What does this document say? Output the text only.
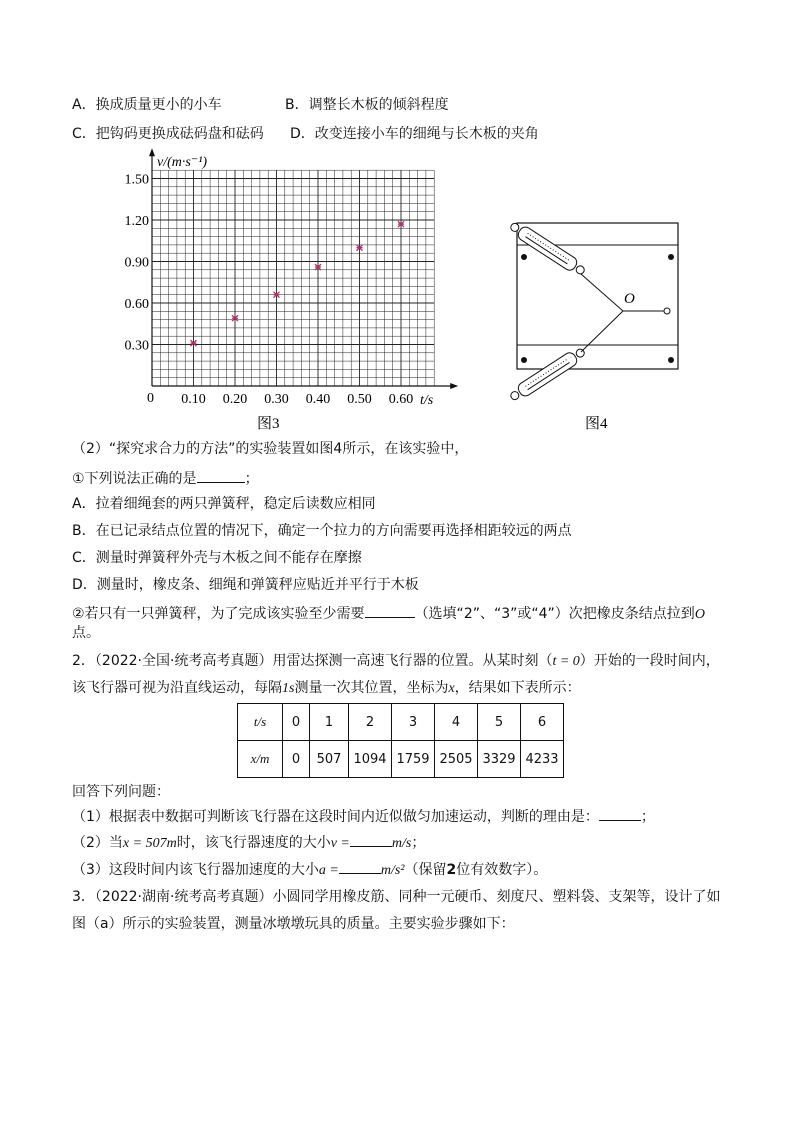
A．换成质量更小的小车	B．调整长木板的倾斜程度
C．把钩码更换成砝码盘和砝码 D．改变连接小车的细绳与长木板的夹角
0.10 0.20 0.30 0.40 0.50 0.60
0.30
0.60
0.90
1.20
1.50
v/(m·s⁻¹)
t/s
0
图3
O
图4
（2）“探究求合力的方法”的实验装置如图4所示，在该实验中，
①下列说法正确的是	；
A．拉着细绳套的两只弹簧秤，稳定后读数应相同
B．在已记录结点位置的情况下，确定一个拉力的方向需要再选择相距较远的两点
C．测量时弹簧秤外壳与木板之间不能存在摩擦
D．测量时，橡皮条、细绳和弹簧秤应贴近并平行于木板
②若只有一只弹簧秤，为了完成该实验至少需要	（选填“2”、“3”或“4”）次把橡皮条结点拉到O
点。
2．（2022·全国·统考高考真题）用雷达探测一高速飞行器的位置。从某时刻（t = 0）开始的一段时间内，
该飞行器可视为沿直线运动，每隔1s测量一次其位置，坐标为x，结果如下表所示：
t/s	0	1	2	3	4	5	6
x/m	0	507	1094	1759	2505	3329	4233
回答下列问题：
（1）根据表中数据可判断该飞行器在这段时间内近似做匀加速运动，判断的理由是：	；
（2）当x = 507m时，该飞行器速度的大小v =	m/s；
（3）这段时间内该飞行器加速度的大小a =	m/s²（保留2位有效数字）。
3．（2022·湖南·统考高考真题）小圆同学用橡皮筋、同种一元硬币、刻度尺、塑料袋、支架等，设计了如
图（a）所示的实验装置，测量冰墩墩玩具的质量。主要实验步骤如下：
